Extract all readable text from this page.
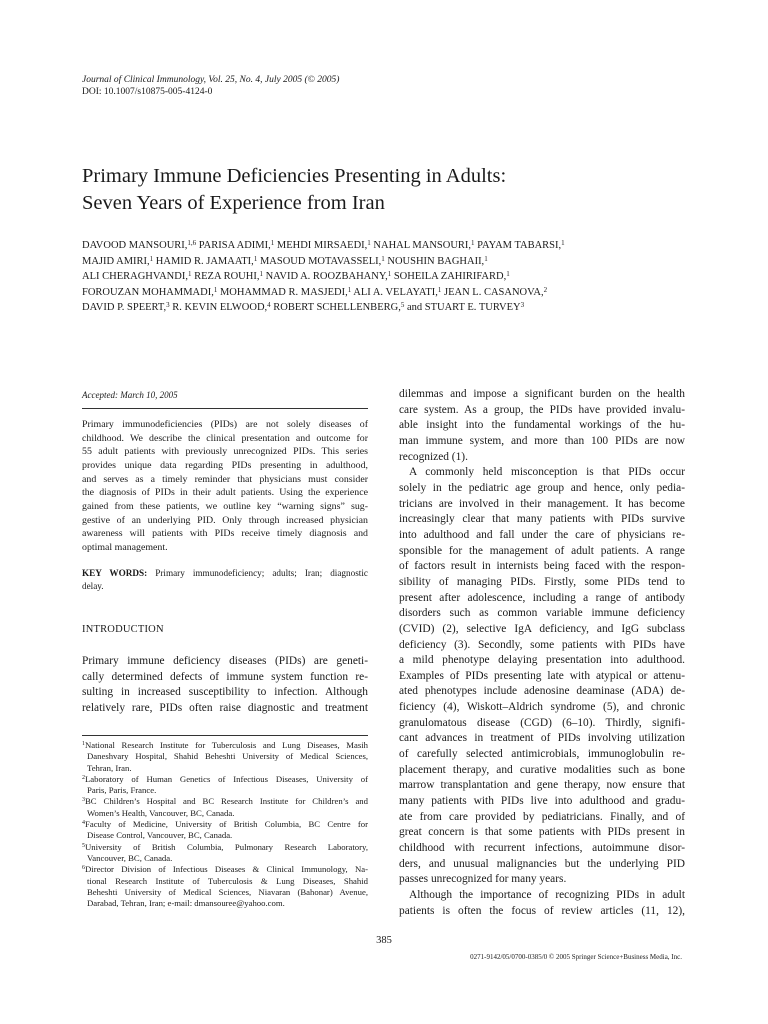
Journal of Clinical Immunology, Vol. 25, No. 4, July 2005 (© 2005)
DOI: 10.1007/s10875-005-4124-0
Primary Immune Deficiencies Presenting in Adults:
Seven Years of Experience from Iran
DAVOOD MANSOURI,$^{1,6}$ PARISA ADIMI,$^1$ MEHDI MIRSAEDI,$^1$ NAHAL MANSOURI,$^1$ PAYAM TABARSI,$^1$
MAJID AMIRI,$^1$ HAMID R. JAMAATI,$^1$ MASOUD MOTAVASSELI,$^1$ NOUSHIN BAGHAII,$^1$
ALI CHERAGHVANDI,$^1$ REZA ROUHI,$^1$ NAVID A. ROOZBAHANY,$^1$ SOHEILA ZAHIRIFARD,$^1$
FOROUZAN MOHAMMADI,$^1$ MOHAMMAD R. MASJEDI,$^1$ ALI A. VELAYATI,$^1$ JEAN L. CASANOVA,$^2$
DAVID P. SPEERT,$^3$ R. KEVIN ELWOOD,$^4$ ROBERT SCHELLENBERG,$^5$ and STUART E. TURVEY$^3$
Accepted: March 10, 2005
Primary immunodeficiencies (PIDs) are not solely diseases of
childhood. We describe the clinical presentation and outcome for
55 adult patients with previously unrecognized PIDs. This series
provides unique data regarding PIDs presenting in adulthood,
and serves as a timely reminder that physicians must consider
the diagnosis of PIDs in their adult patients. Using the experience
gained from these patients, we outline key “warning signs” sug-
gestive of an underlying PID. Only through increased physician
awareness will patients with PIDs receive timely diagnosis and
optimal management.
KEY WORDS: Primary immunodeficiency; adults; Iran; diagnostic
delay.
INTRODUCTION
Primary immune deficiency diseases (PIDs) are geneti-
cally determined defects of immune system function re-
sulting in increased susceptibility to infection. Although
relatively rare, PIDs often raise diagnostic and treatment
$^1$National Research Institute for Tuberculosis and Lung Diseases, Masih
Daneshvary Hospital, Shahid Beheshti University of Medical Sciences,
Tehran, Iran.
$^2$Laboratory of Human Genetics of Infectious Diseases, University of
Paris, Paris, France.
$^3$BC Children’s Hospital and BC Research Institute for Children’s and
Women’s Health, Vancouver, BC, Canada.
$^4$Faculty of Medicine, University of British Columbia, BC Centre for
Disease Control, Vancouver, BC, Canada.
$^5$University of British Columbia, Pulmonary Research Laboratory,
Vancouver, BC, Canada.
$^6$Director Division of Infectious Diseases & Clinical Immunology, Na-
tional Research Institute of Tuberculosis & Lung Diseases, Shahid
Beheshti University of Medical Sciences, Niavaran (Bahonar) Avenue,
Darabad, Tehran, Iran; e-mail: dmansouree@yahoo.com.
dilemmas and impose a significant burden on the health
care system. As a group, the PIDs have provided invalu-
able insight into the fundamental workings of the hu-
man immune system, and more than 100 PIDs are now
recognized (1).
A commonly held misconception is that PIDs occur
solely in the pediatric age group and hence, only pedia-
tricians are involved in their management. It has become
increasingly clear that many patients with PIDs survive
into adulthood and fall under the care of physicians re-
sponsible for the management of adult patients. A range
of factors result in internists being faced with the respon-
sibility of managing PIDs. Firstly, some PIDs tend to
present after adolescence, including a range of antibody
disorders such as common variable immune deficiency
(CVID) (2), selective IgA deficiency, and IgG subclass
deficiency (3). Secondly, some patients with PIDs have
a mild phenotype delaying presentation into adulthood.
Examples of PIDs presenting late with atypical or attenu-
ated phenotypes include adenosine deaminase (ADA) de-
ficiency (4), Wiskott–Aldrich syndrome (5), and chronic
granulomatous disease (CGD) (6–10). Thirdly, signifi-
cant advances in treatment of PIDs involving utilization
of carefully selected antimicrobials, immunoglobulin re-
placement therapy, and curative modalities such as bone
marrow transplantation and gene therapy, now ensure that
many patients with PIDs live into adulthood and gradu-
ate from care provided by pediatricians. Finally, and of
great concern is that some patients with PIDs present in
childhood with recurrent infections, autoimmune disor-
ders, and unusual malignancies but the underlying PID
passes unrecognized for many years.
Although the importance of recognizing PIDs in adult
patients is often the focus of review articles (11, 12),
385
0271-9142/05/0700-0385/0 © 2005 Springer Science+Business Media, Inc.
